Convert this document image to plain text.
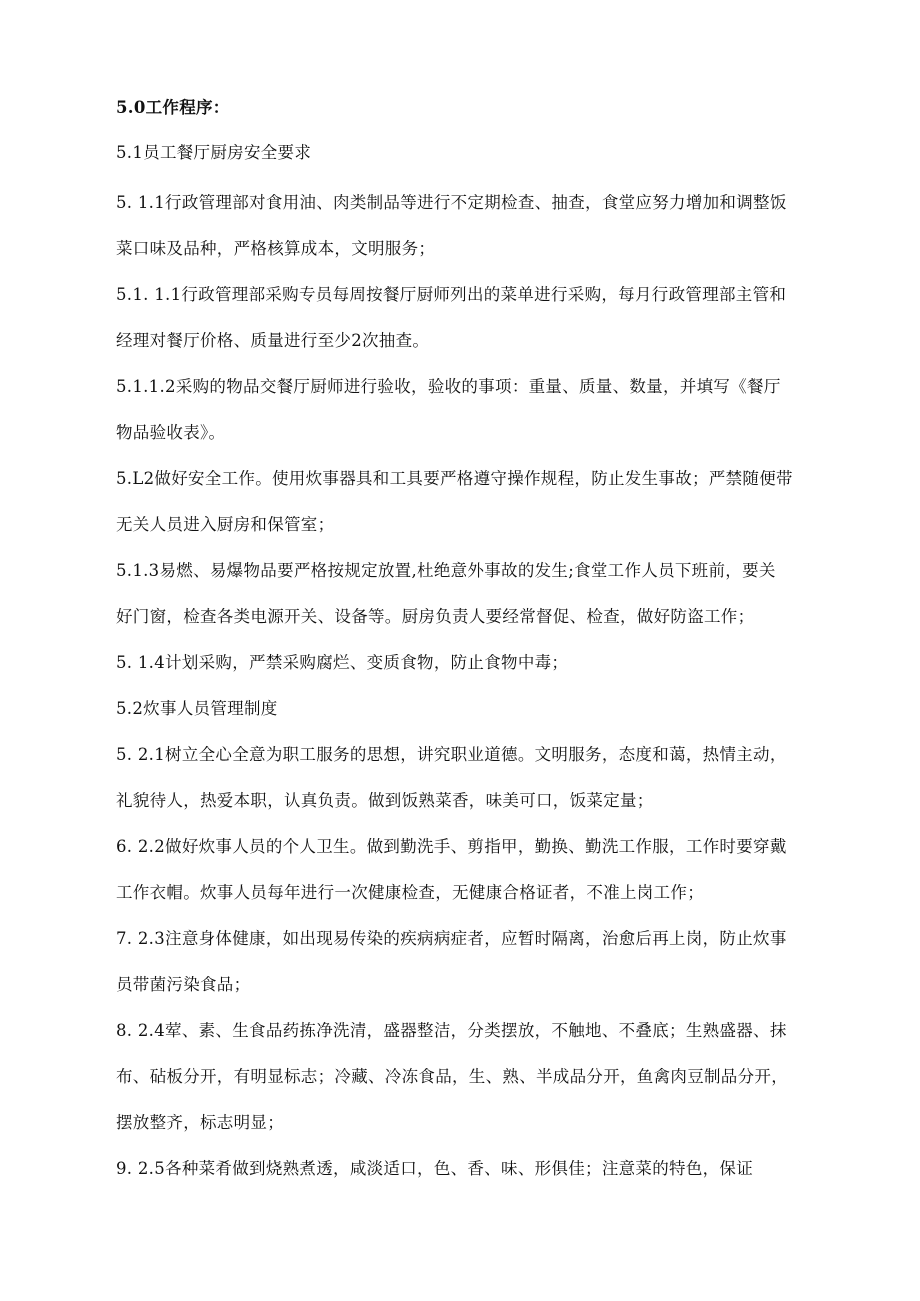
5.0工作程序：
5.1员工餐厅厨房安全要求
5. 1.1行政管理部对食用油、肉类制品等进行不定期检查、抽查，食堂应努力增加和调整饭
菜口味及品种，严格核算成本，文明服务；
5.1. 1.1行政管理部采购专员每周按餐厅厨师列出的菜单进行采购，每月行政管理部主管和
经理对餐厅价格、质量进行至少2次抽查。
5.1.1.2采购的物品交餐厅厨师进行验收，验收的事项：重量、质量、数量，并填写《餐厅
物品验收表》。
5.L2做好安全工作。使用炊事器具和工具要严格遵守操作规程，防止发生事故；严禁随便带
无关人员进入厨房和保管室；
5.1.3易燃、易爆物品要严格按规定放置,杜绝意外事故的发生;食堂工作人员下班前，要关
好门窗，检查各类电源开关、设备等。厨房负责人要经常督促、检查，做好防盗工作；
5. 1.4计划采购，严禁采购腐烂、变质食物，防止食物中毒；
5.2炊事人员管理制度
5. 2.1树立全心全意为职工服务的思想，讲究职业道德。文明服务，态度和蔼，热情主动，
礼貌待人，热爱本职，认真负责。做到饭熟菜香，味美可口，饭菜定量；
6. 2.2做好炊事人员的个人卫生。做到勤洗手、剪指甲，勤换、勤洗工作服，工作时要穿戴
工作衣帽。炊事人员每年进行一次健康检查，无健康合格证者，不准上岗工作；
7. 2.3注意身体健康，如出现易传染的疾病病症者，应暂时隔离，治愈后再上岗，防止炊事
员带菌污染食品；
8. 2.4荤、素、生食品药拣净洗清，盛器整洁，分类摆放，不触地、不叠底；生熟盛器、抹
布、砧板分开，有明显标志；冷藏、冷冻食品，生、熟、半成品分开，鱼禽肉豆制品分开，
摆放整齐，标志明显；
9. 2.5各种菜肴做到烧熟煮透，咸淡适口，色、香、味、形俱佳；注意菜的特色，保证
